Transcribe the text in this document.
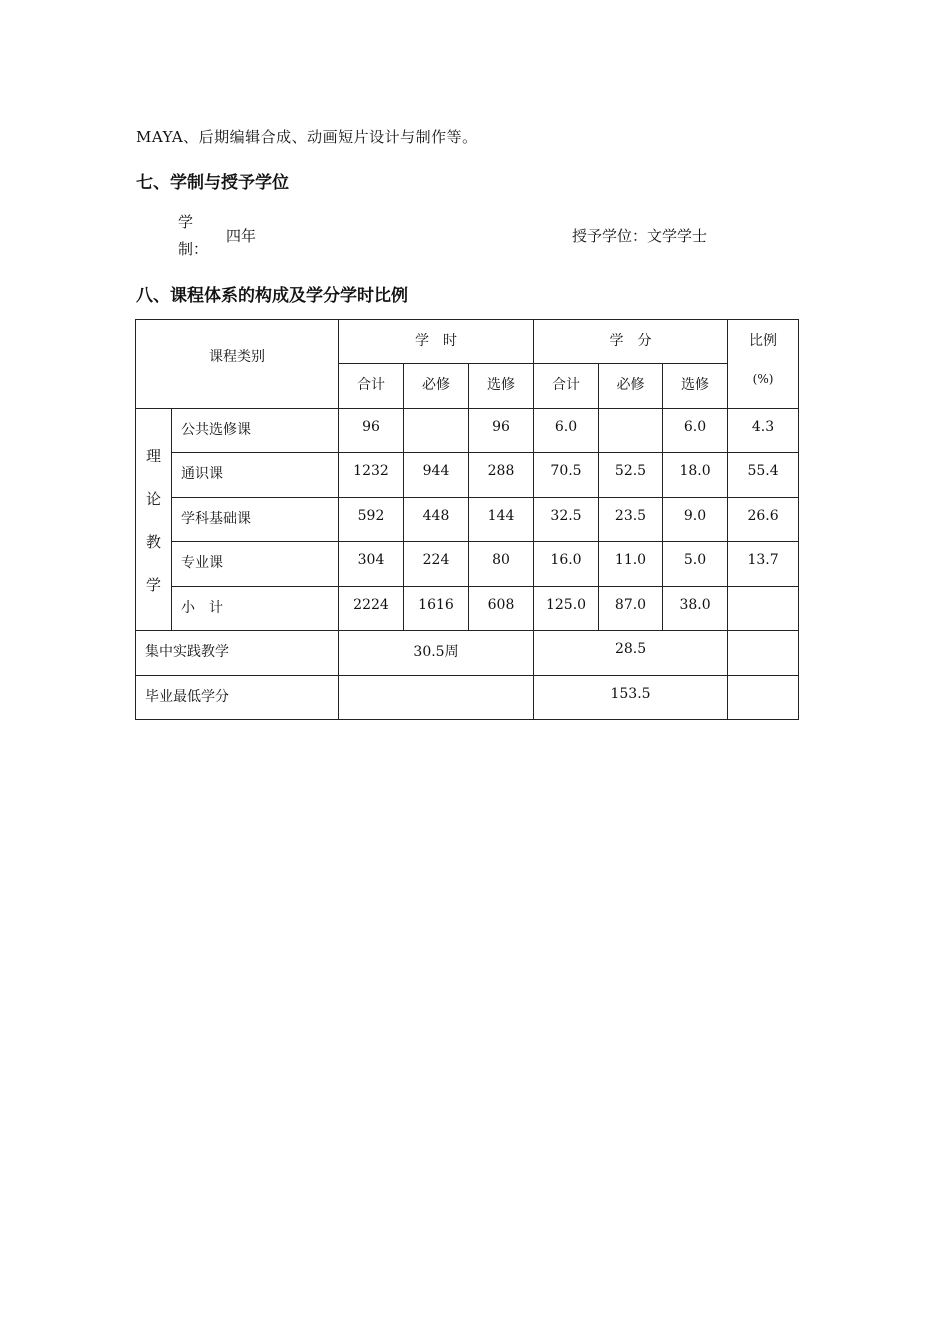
MAYA、后期编辑合成、动画短片设计与制作等。
七、学制与授予学位
学
制：
四年	授予学位：文学学士
八、课程体系的构成及学分学时比例
课程类别		学　时			学　分			比例
(%)

		合计	必修	选修	合计	必修	选修	

理
论
教
学	公共选修课	96		96	6.0		6.0	4.3

	通识课	1232	944	288	70.5	52.5	18.0	55.4

	学科基础课	592	448	144	32.5	23.5	9.0	26.6

	专业课	304	224	80	16.0	11.0	5.0	13.7

	小　计	2224	1616	608	125.0	87.0	38.0	

集中实践教学		30.5周			28.5			

毕业最低学分					153.5			
